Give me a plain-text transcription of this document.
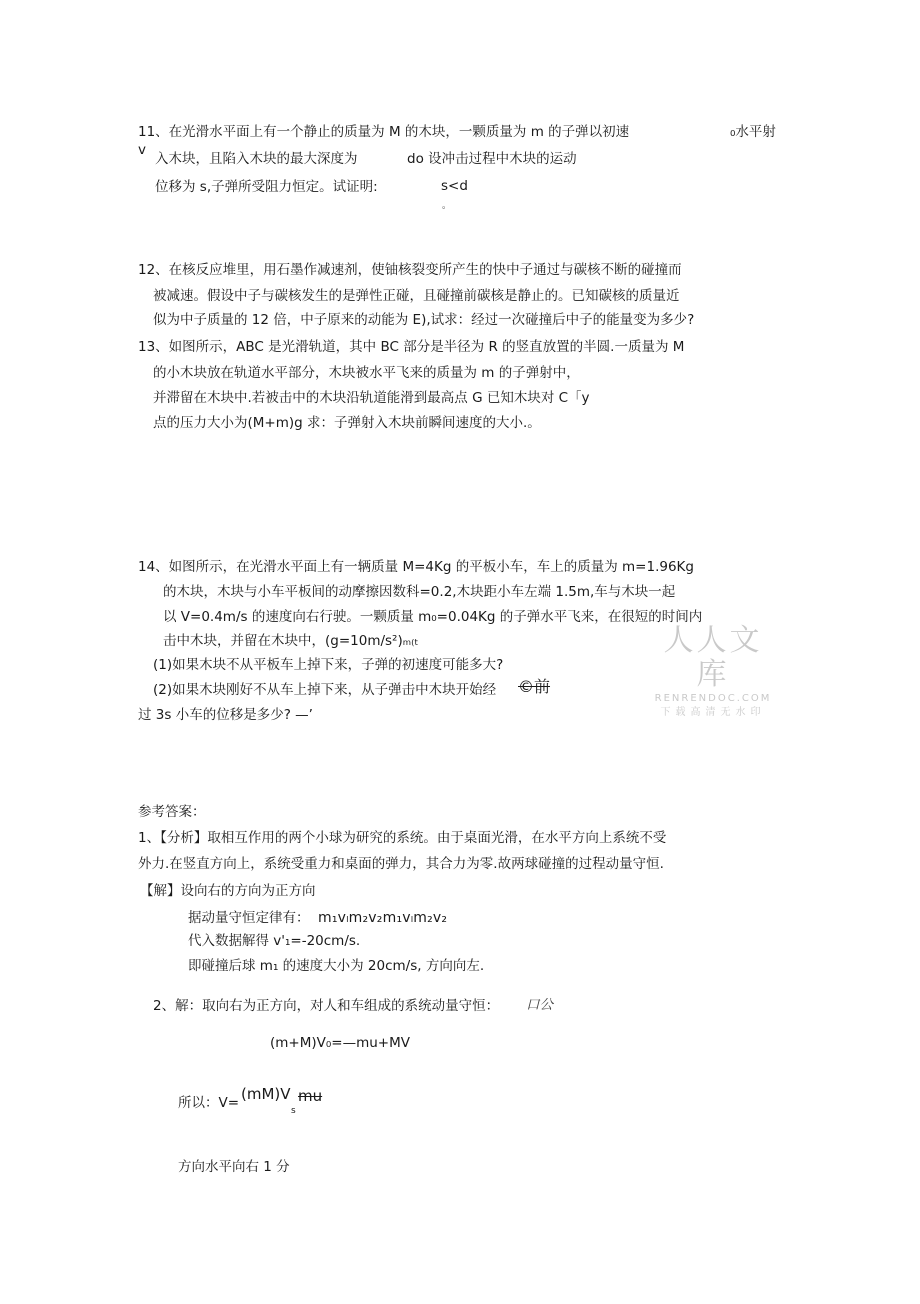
11、在光滑水平面上有一个静止的质量为 M 的木块，一颗质量为 m 的子弹以初速	₀水平射
v
入木块，且陷入木块的最大深度为	do 设冲击过程中木块的运动
位移为 s,子弹所受阻力恒定。试证明:	s<d
。
12、在核反应堆里，用石墨作减速剂，使铀核裂变所产生的快中子通过与碳核不断的碰撞而
被减速。假设中子与碳核发生的是弹性正碰，且碰撞前碳核是静止的。已知碳核的质量近
似为中子质量的 12 倍，中子原来的动能为 E),试求：经过一次碰撞后中子的能量变为多少?
13、如图所示，ABC 是光滑轨道，其中 BC 部分是半径为 R 的竖直放置的半圆.一质量为 M
的小木块放在轨道水平部分，木块被水平飞来的质量为 m 的子弹射中，
并滞留在木块中.若被击中的木块沿轨道能滑到最高点 G 已知木块对 C「y
点的压力大小为(M+m)g 求：子弹射入木块前瞬间速度的大小.。
14、如图所示，在光滑水平面上有一辆质量 M=4Kg 的平板小车，车上的质量为 m=1.96Kg
的木块，木块与小车平板间的动摩擦因数科=0.2,木块距小车左端 1.5m,车与木块一起
以 V=0.4m/s 的速度向右行驶。一颗质量 m₀=0.04Kg 的子弹水平飞来，在很短的时间内
击中木块，并留在木块中，(g=10m/s²)ₘ₍ₜ
(1)如果木块不从平板车上掉下来，子弹的初速度可能多大?
(2)如果木块刚好不从车上掉下来，从子弹击中木块开始经 ©前
过 3s 小车的位移是多少? —’
人人文库
RENRENDOC.COM
下载高清无水印
参考答案：
1、【分析】取相互作用的两个小球为研究的系统。由于桌面光滑，在水平方向上系统不受
外力.在竖直方向上，系统受重力和桌面的弹力，其合力为零.故两球碰撞的过程动量守恒.
【解】设向右的方向为正方向
据动量守恒定律有： m₁vₗm₂v₂m₁vₗm₂v₂
代入数据解得 v'₁=-20cm/s.
即碰撞后球 m₁ 的速度大小为 20cm/s, 方向向左.
2、解：取向右为正方向，对人和车组成的系统动量守恒： 口公
(m+M)V₀=—mu+MV
所以：V= (mM)V
s
mu
方向水平向右 1 分
